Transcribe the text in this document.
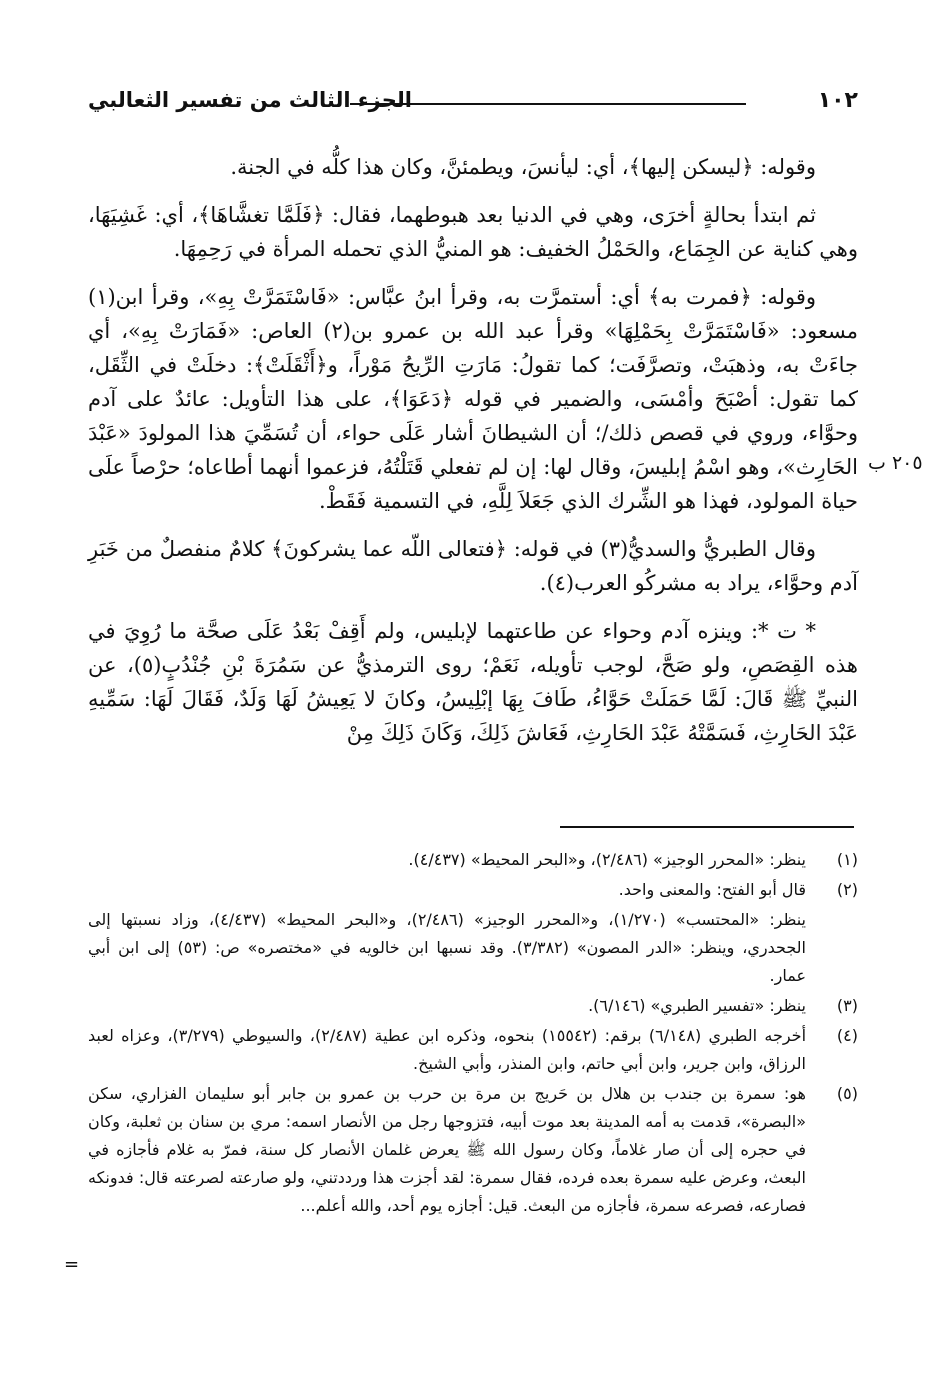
١٠٢
الجزء الثالث من تفسير الثعالبي

وقوله: ﴿ليسكن إليها﴾، أي: ليأنسَ، ويطمئنَّ، وكان هذا كلُّه في الجنة.

ثم ابتدأ بحالةٍ أخرَى، وهي في الدنيا بعد هبوطهما، فقال: ﴿فَلَمَّا تغشَّاهَا﴾، أي: غَشِيَهَا، وهي كناية عن الجِمَاع، والحَمْلُ الخفيف: هو المنيُّ الذي تحمله المرأة في رَحِمِهَا.

وقوله: ﴿فمرت به﴾ أي: أستمرَّت به، وقرأ ابنُ عبَّاس: «فَاسْتَمَرَّتْ بِهِ»، وقرأ ابن(١) مسعود: «فَاسْتَمَرَّتْ بِحَمْلِهَا» وقرأ عبد الله بن عمرو بن(٢) العاص: «فَمَارَتْ بِهِ»، أي جاءَتْ به، وذهبَتْ، وتصرَّفَت؛ كما تقولُ: مَارَتِ الرِّيحُ مَوْراً، و﴿أَثْقَلَتْ﴾: دخلَتْ في الثِّقَل، كما تقول: أصْبَحَ وأمْسَى، والضمير في قوله ﴿دَعَوَا﴾، على هذا التأويل: عائدٌ على آدم وحوَّاء، وروي في قصص ذلك/؛ أن الشيطانَ أشار عَلَى حواء، أن تُسَمِّيَ هذا المولودَ «عَبْدَ الحَارِث»، وهو اسْمُ إبليسَ، وقال لها: إن لم تفعلي قَتَلْتُهُ، فزعموا أنهما أطاعاه؛ حرْصاً علَى حياة المولود، فهذا هو الشِّرك الذي جَعَلاَ لِلَّهِ، في التسمية فَقَطْ.

وقال الطبريُّ والسديُّ(٣) في قوله: ﴿فتعالى اللّه عما يشركونَ﴾ كلامٌ منفصلٌ من خَبَرِ آدم وحوَّاء، يراد به مشركُو العرب(٤).

* ت *: وينزه آدم وحواء عن طاعتهما لإبليس، ولم أَقِفْ بَعْدُ عَلَى صحَّة ما رُوِيَ في هذه القِصَصِ، ولو صَحَّ، لوجب تأويله، نَعَمْ؛ روى الترمذيُّ عن سَمُرَةَ بْنِ جُنْدُبٍ(٥)، عن النبيِّ ﷺ قَالَ: لَمَّا حَمَلَتْ حَوَّاءُ، طَافَ بِهَا إبْلِيسُ، وكانَ لا يَعِيشُ لَهَا وَلَدٌ، فَقَالَ لَهَا: سَمِّيهِ عَبْدَ الحَارِثِ، فَسَمَّتْهُ عَبْدَ الحَارِثِ، فَعَاشَ ذَلِكَ، وَكَانَ ذَلِكَ مِنْ

٢٠٥ ب
(١)
ينظر: «المحرر الوجيز» (٢/٤٨٦)، و«البحر المحيط» (٤/٤٣٧).
(٢)
قال أبو الفتح: والمعنى واحد.
ينظر: «المحتسب» (١/٢٧٠)، و«المحرر الوجيز» (٢/٤٨٦)، و«البحر المحيط» (٤/٤٣٧)، وزاد نسبتها إلى الجحدري، وينظر: «الدر المصون» (٣/٣٨٢). وقد نسبها ابن خالويه في «مختصره» ص: (٥٣) إلى ابن أبي عمار.
(٣)
ينظر: «تفسير الطبري» (٦/١٤٦).
(٤)
أخرجه الطبري (٦/١٤٨) برقم: (١٥٥٤٢) بنحوه، وذكره ابن عطية (٢/٤٨٧)، والسيوطي (٣/٢٧٩)، وعزاه لعبد الرزاق، وابن جرير، وابن أبي حاتم، وابن المنذر، وأبي الشيخ.
(٥)
هو: سمرة بن جندب بن هلال بن حَريج بن مرة بن حرب بن عمرو بن جابر أبو سليمان الفزاري، سكن «البصرة»، قدمت به أمه المدينة بعد موت أبيه، فتزوجها رجل من الأنصار اسمه: مري بن سنان بن ثعلبة، وكان في حجره إلى أن صار غلاماً، وكان رسول الله ﷺ يعرض غلمان الأنصار كل سنة، فمرّ به غلام فأجازه في البعث، وعرض عليه سمرة بعده فرده، فقال سمرة: لقد أجزت هذا ورددتني، ولو صارعته لصرعته قال: فدونكه فصارعه، فصرعه سمرة، فأجازه من البعث. قيل: أجازه يوم أحد، والله أعلم...
=
